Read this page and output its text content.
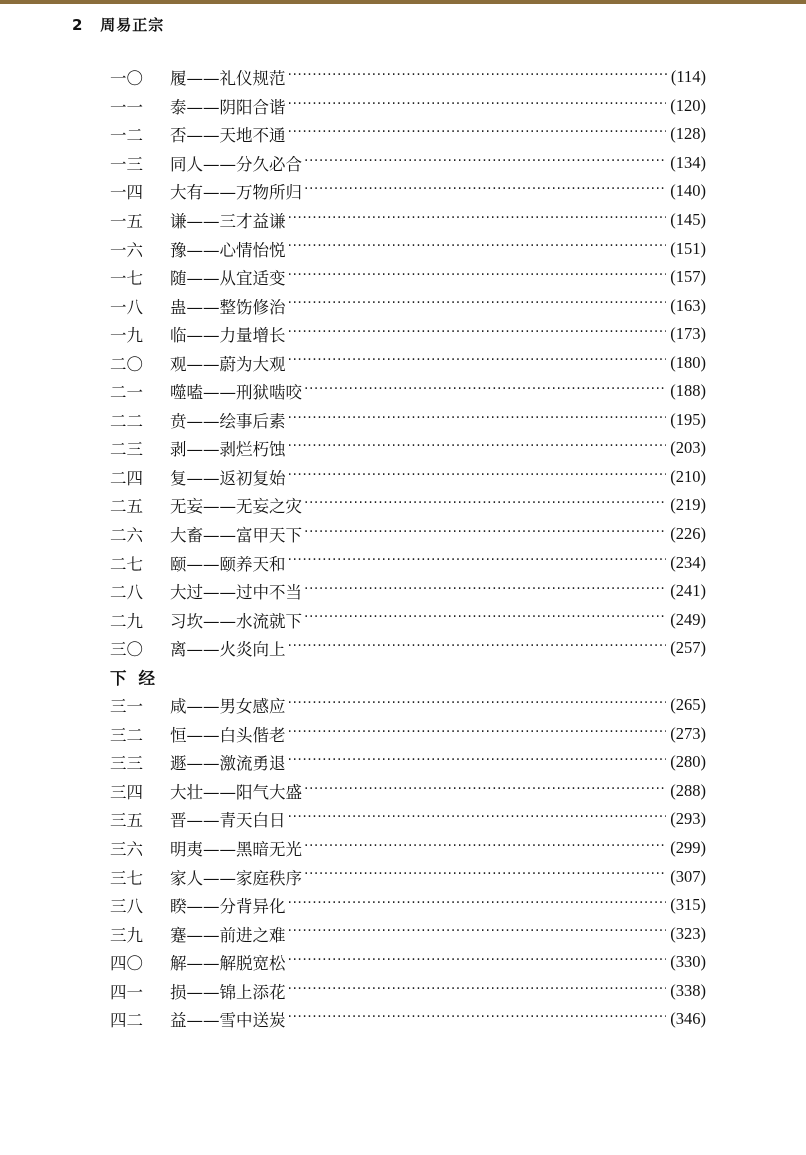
2 周易正宗
一〇	履——礼仪规范 ·····	(114)
一一	泰——阴阳合谐 ·····	(120)
一二	否——天地不通 ·····	(128)
一三	同人——分久必合 ·····	(134)
一四	大有——万物所归 ·····	(140)
一五	谦——三才益谦 ·····	(145)
一六	豫——心情怡悦 ·····	(151)
一七	随——从宜适变 ·····	(157)
一八	蛊——整饬修治 ·····	(163)
一九	临——力量增长 ·····	(173)
二〇	观——蔚为大观 ·····	(180)
二一	噬嗑——刑狱啮咬 ·····	(188)
二二	贲——绘事后素 ·····	(195)
二三	剥——剥烂朽蚀 ·····	(203)
二四	复——返初复始 ·····	(210)
二五	无妄——无妄之灾 ·····	(219)
二六	大畜——富甲天下 ·····	(226)
二七	颐——颐养天和 ·····	(234)
二八	大过——过中不当 ·····	(241)
二九	习坎——水流就下 ·····	(249)
三〇	离——火炎向上 ·····	(257)
下经
三一	咸——男女感应 ·····	(265)
三二	恒——白头偕老 ·····	(273)
三三	遯——激流勇退 ·····	(280)
三四	大壮——阳气大盛 ·····	(288)
三五	晋——青天白日 ·····	(293)
三六	明夷——黑暗无光 ·····	(299)
三七	家人——家庭秩序 ·····	(307)
三八	睽——分背异化 ·····	(315)
三九	蹇——前进之难 ·····	(323)
四〇	解——解脱宽松 ·····	(330)
四一	损——锦上添花 ·····	(338)
四二	益——雪中送炭 ·····	(346)
